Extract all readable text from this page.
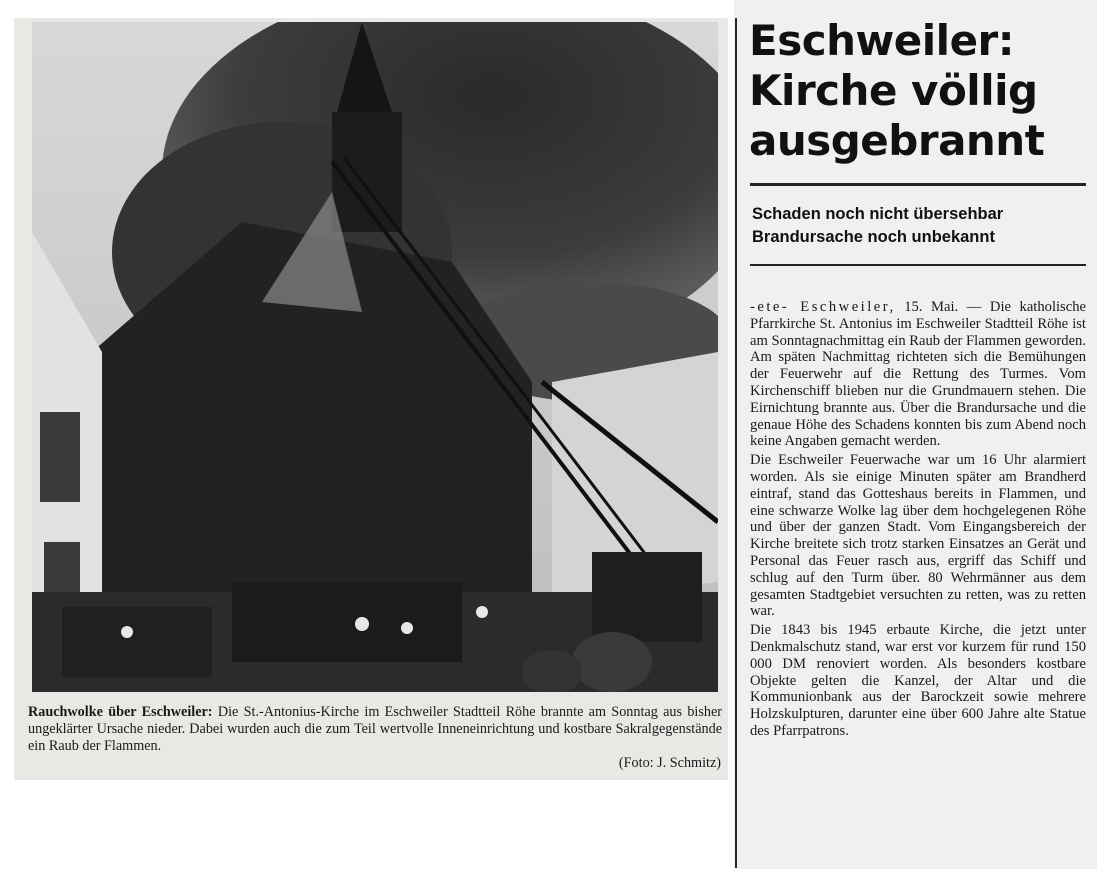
Rauchwolke über Eschweiler: Die St.-Antonius-Kirche im Eschweiler Stadtteil Röhe brannte am Sonntag aus bisher ungeklärter Ursache nieder. Dabei wurden auch die zum Teil wertvolle Inneneinrichtung und kostbare Sakralgegenstände ein Raub der Flammen.
(Foto: J. Schmitz)
Eschweiler:
Kirche völlig
ausgebrannt
Schaden noch nicht übersehbar
Brandursache noch unbekannt

-ete- Eschweiler, 15. Mai. — Die katholische Pfarrkirche St. Antonius im Eschweiler Stadtteil Röhe ist am Sonntagnachmittag ein Raub der Flammen geworden. Am späten Nachmittag richteten sich die Bemühungen der Feuerwehr auf die Rettung des Turmes. Vom Kirchenschiff blieben nur die Grundmauern stehen. Die Eirnichtung brannte aus. Über die Brandursache und die genaue Höhe des Schadens konnten bis zum Abend noch keine Angaben gemacht werden.

Die Eschweiler Feuerwache war um 16 Uhr alarmiert worden. Als sie einige Minuten später am Brandherd eintraf, stand das Gotteshaus bereits in Flammen, und eine schwarze Wolke lag über dem hochgelegenen Röhe und über der ganzen Stadt. Vom Eingangsbereich der Kirche breitete sich trotz starken Einsatzes an Gerät und Personal das Feuer rasch aus, ergriff das Schiff und schlug auf den Turm über. 80 Wehrmänner aus dem gesamten Stadtgebiet versuchten zu retten, was zu retten war.

Die 1843 bis 1945 erbaute Kirche, die jetzt unter Denkmalschutz stand, war erst vor kurzem für rund 150 000 DM renoviert worden. Als besonders kostbare Objekte gelten die Kanzel, der Altar und die Kommunionbank aus der Barockzeit sowie mehrere Holzskulpturen, darunter eine über 600 Jahre alte Statue des Pfarrpatrons.
